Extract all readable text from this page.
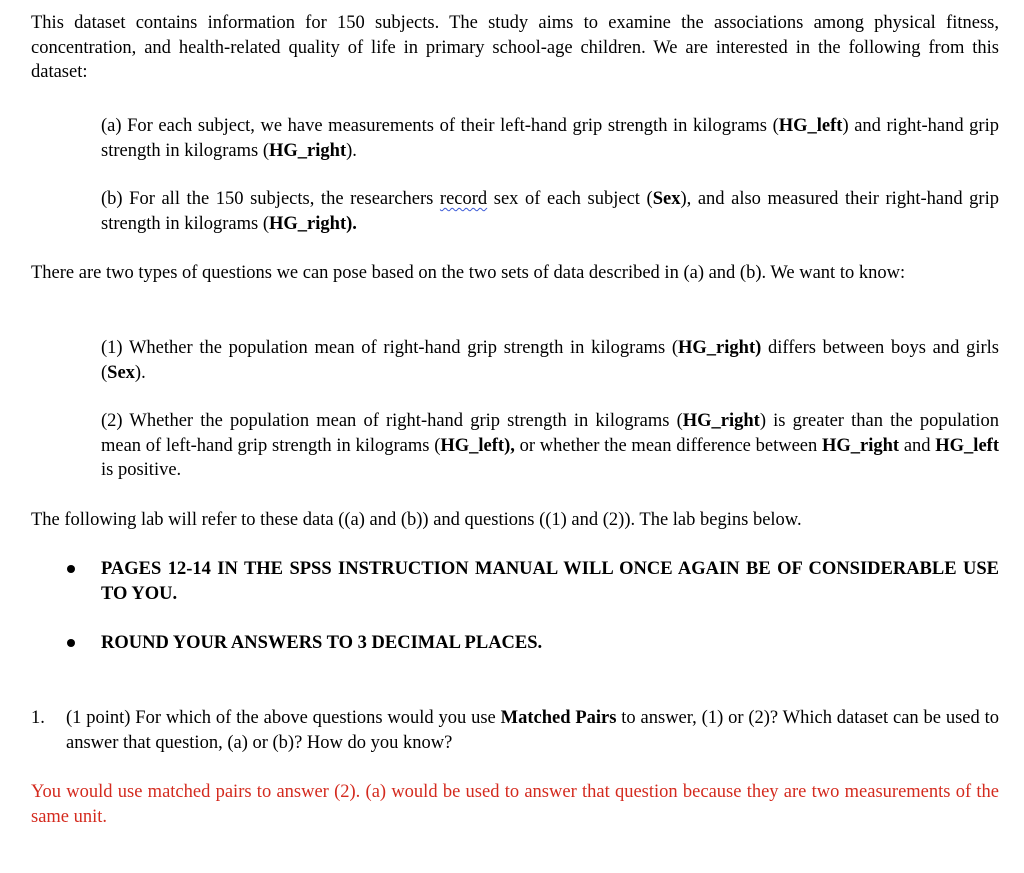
This dataset contains information for 150 subjects. The study aims to examine the associations among physical fitness, concentration, and health-related quality of life in primary school-age children. We are interested in the following from this dataset:

(a) For each subject, we have measurements of their left-hand grip strength in kilograms (HG_left) and right-hand grip strength in kilograms (HG_right).

(b) For all the 150 subjects, the researchers record sex of each subject (Sex), and also measured their right-hand grip strength in kilograms (HG_right).

There are two types of questions we can pose based on the two sets of data described in (a) and (b). We want to know:

(1) Whether the population mean of right-hand grip strength in kilograms (HG_right) differs between boys and girls (Sex).

(2) Whether the population mean of right-hand grip strength in kilograms (HG_right) is greater than the population mean of left-hand grip strength in kilograms (HG_left), or whether the mean difference between HG_right and HG_left is positive.

The following lab will refer to these data ((a) and (b)) and questions ((1) and (2)). The lab begins below.

PAGES 12-14 IN THE SPSS INSTRUCTION MANUAL WILL ONCE AGAIN BE OF CONSIDERABLE USE TO YOU.

ROUND YOUR ANSWERS TO 3 DECIMAL PLACES.

1. (1 point) For which of the above questions would you use Matched Pairs to answer, (1) or (2)? Which dataset can be used to answer that question, (a) or (b)? How do you know?

You would use matched pairs to answer (2). (a) would be used to answer that question because they are two measurements of the same unit.
